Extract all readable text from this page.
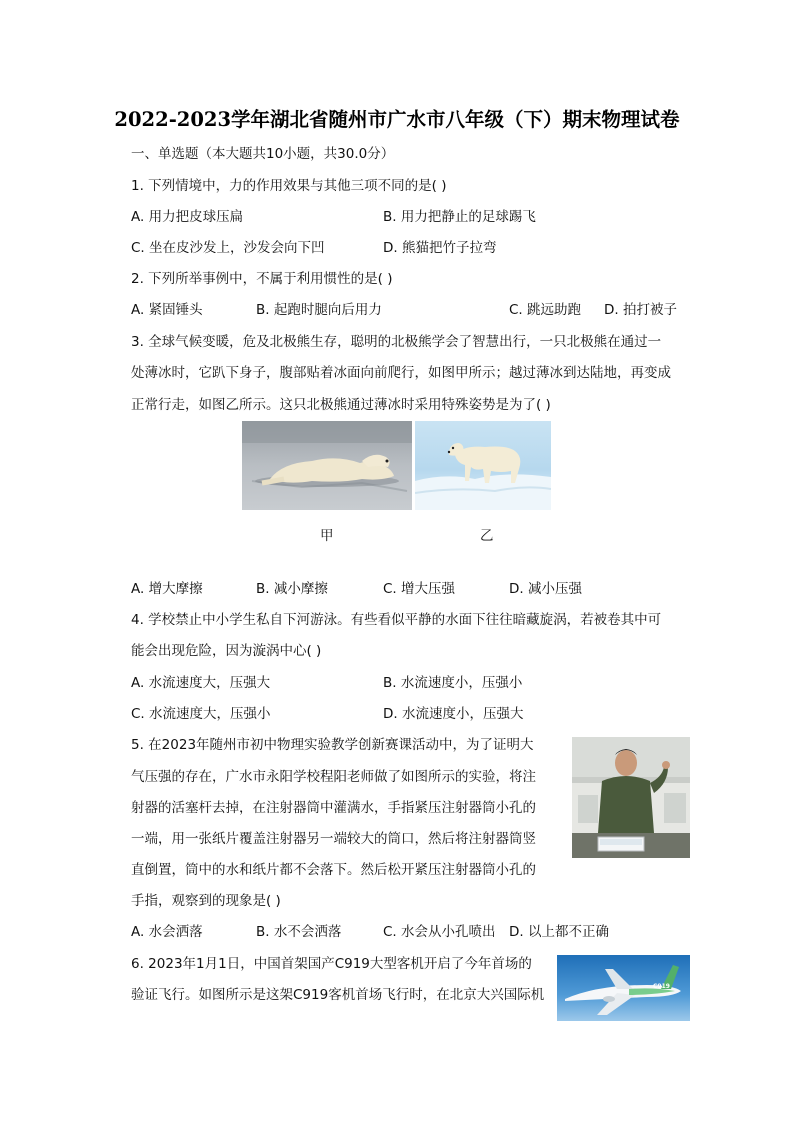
2022-2023学年湖北省随州市广水市八年级（下）期末物理试卷
一、单选题（本大题共10小题，共30.0分）
1. 下列情境中，力的作用效果与其他三项不同的是( )
A. 用力把皮球压扁	B. 用力把静止的足球踢飞
C. 坐在皮沙发上，沙发会向下凹	D. 熊猫把竹子拉弯
2. 下列所举事例中，不属于利用惯性的是( )
A. 紧固锤头	B. 起跑时腿向后用力	C. 跳远助跑 D. 拍打被子
3. 全球气候变暖，危及北极熊生存，聪明的北极熊学会了智慧出行，一只北极熊在通过一
处薄冰时，它趴下身子，腹部贴着冰面向前爬行，如图甲所示；越过薄冰到达陆地，再变成
正常行走，如图乙所示。这只北极熊通过薄冰时采用特殊姿势是为了( )
甲	乙
A. 增大摩擦	B. 减小摩擦	C. 增大压强	D. 减小压强
4. 学校禁止中小学生私自下河游泳。有些看似平静的水面下往往暗藏旋涡，若被卷其中可
能会出现危险，因为漩涡中心( )
A. 水流速度大，压强大	B. 水流速度小，压强小
C. 水流速度大，压强小	D. 水流速度小，压强大
5. 在2023年随州市初中物理实验教学创新赛课活动中，为了证明大
气压强的存在，广水市永阳学校程阳老师做了如图所示的实验，将注
射器的活塞杆去掉，在注射器筒中灌满水，手指紧压注射器筒小孔的
一端，用一张纸片覆盖注射器另一端较大的筒口，然后将注射器筒竖
直倒置，筒中的水和纸片都不会落下。然后松开紧压注射器筒小孔的
手指，观察到的现象是( )
A. 水会洒落	B. 水不会洒落	C. 水会从小孔喷出 D. 以上都不正确
6. 2023年1月1日，中国首架国产C919大型客机开启了今年首场的
验证飞行。如图所示是这架C919客机首场飞行时，在北京大兴国际机
C919
